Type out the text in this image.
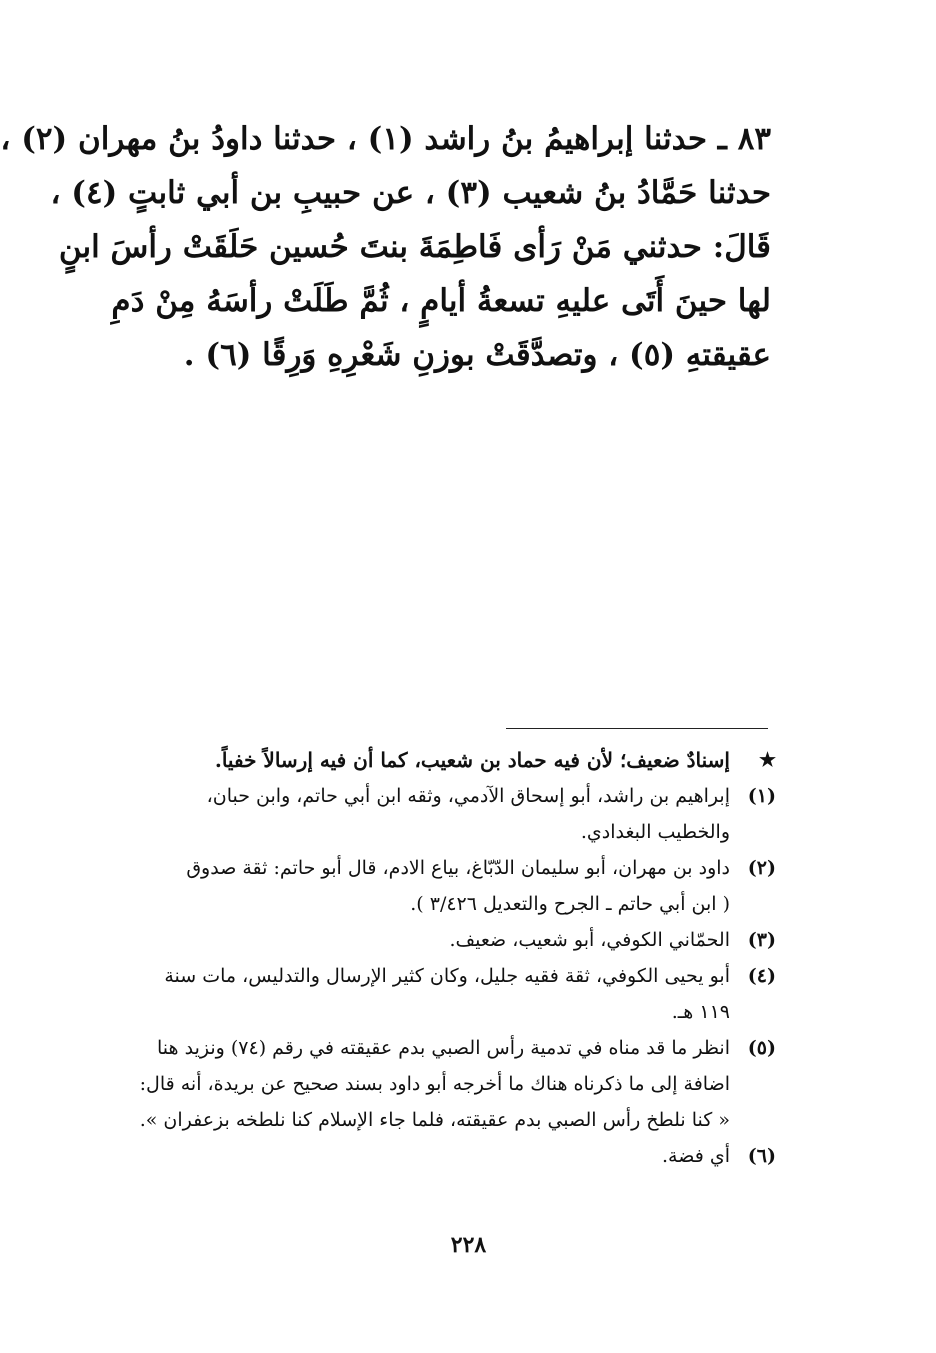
٨٣ ـ حدثنا إبراهيمُ بنُ راشد (١) ، حدثنا داودُ بنُ مهران (٢) ،
حدثنا حَمَّادُ بنُ شعيب (٣) ، عن حبيبِ بن أبي ثابتٍ (٤) ،
قَالَ: حدثني مَنْ رَأى فَاطِمَةَ بنتَ حُسين حَلَقَتْ رأسَ ابنٍ
لها حينَ أَتَى عليهِ تسعةُ أيامٍ ، ثُمَّ طَلَتْ رأسَهُ مِنْ دَمِ
عقيقتهِ (٥) ، وتصدَّقَتْ بوزنِ شَعْرِهِ وَرِقًا (٦) .
★
إسنادٌ ضعيف؛ لأن فيه حماد بن شعيب، كما أن فيه إرسالاً خفياً.
(١)
إبراهيم بن راشد، أبو إسحاق الآدمي، وثقه ابن أبي حاتم، وابن حبان،
والخطيب البغدادي.
(٢)
داود بن مهران، أبو سليمان الدّبّاغ، بياع الادم، قال أبو حاتم: ثقة صدوق
( ابن أبي حاتم ـ الجرح والتعديل ٣/٤٢٦ ).
(٣)
الحمّاني الكوفي، أبو شعيب، ضعيف.
(٤)
أبو يحيى الكوفي، ثقة فقيه جليل، وكان كثير الإرسال والتدليس، مات سنة
١١٩ هـ.
(٥)
انظر ما قد مناه في تدمية رأس الصبي بدم عقيقته في رقم (٧٤) ونزيد هنا
اضافة إلى ما ذكرناه هناك ما أخرجه أبو داود بسند صحيح عن بريدة، أنه قال:
« كنا نلطخ رأس الصبي بدم عقيقته، فلما جاء الإسلام كنا نلطخه بزعفران ».
(٦)
أي فضة.
٢٢٨
